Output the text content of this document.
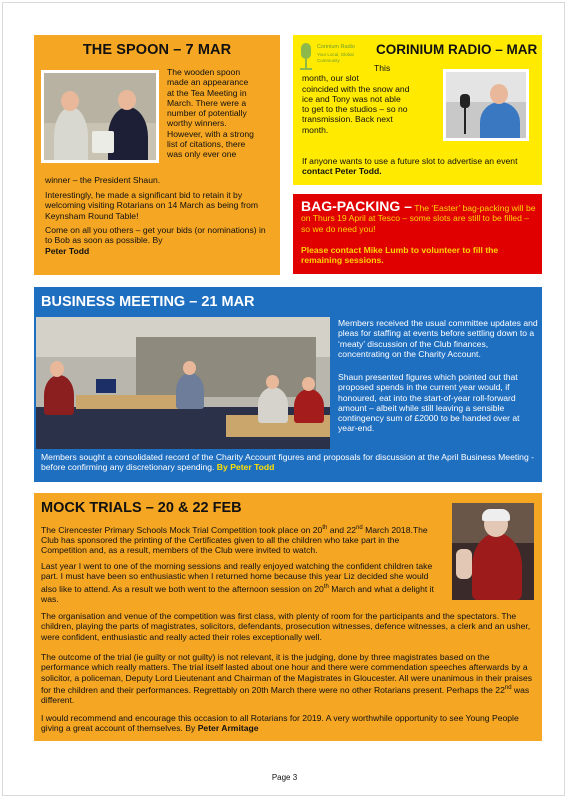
THE SPOON – 7 MAR
The wooden spoon
made an appearance
at the Tea Meeting in
March. There were a
number of potentially
worthy winners.
However, with a strong
list of citations, there
was only ever one
winner – the President Shaun.

Interestingly, he made a significant bid to retain it by welcoming visiting Rotarians on 14 March as being from Keynsham Round Table!

Come on all you others – get your bids (or nominations) in to Bob as soon as possible. By
Peter Todd

Corinium Radio
Your Local, Global Community
CORINIUM RADIO – MAR
This
month, our slot
coincided with the snow and
ice and Tony was not able
to get to the studios – so no
transmission. Back next
month.

If anyone wants to use a future slot to advertise an event contact Peter Todd.

BAG-PACKING – The ‘Easter’ bag-packing will be on Thurs 19 April at Tesco – some slots are still to be filled – so we do need you!

Please contact Mike Lumb to volunteer to fill the remaining sessions.

BUSINESS MEETING – 21 MAR

Members received the usual committee updates and pleas for staffing at events before settling down to a ‘meaty’ discussion of the Club finances, concentrating on the Charity Account.

Shaun presented figures which pointed out that proposed spends in the current year would, if honoured, eat into the start-of-year roll-forward amount – albeit while still leaving a sensible contingency sum of £2000 to be handed over at year-end.

Members sought a consolidated record of the Charity Account figures and proposals for discussion at the April Business Meeting - before confirming any discretionary spending. By Peter Todd

MOCK TRIALS – 20 & 22 FEB

The Cirencester Primary Schools Mock Trial Competition took place on 20th and 22nd March 2018.The Club has sponsored the printing of the Certificates given to all the children who take part in the Competition and, as a result, members of the Club were invited to watch.

Last year I went to one of the morning sessions and really enjoyed watching the confident children take part. I must have been so enthusiastic when I returned home because this year Liz decided she would also like to attend. As a result we both went to the afternoon session on 20th March and what a delight it was.

The organisation and venue of the competition was first class, with plenty of room for the participants and the spectators. The children, playing the parts of magistrates, solicitors, defendants, prosecution witnesses, defence witnesses, a clerk and an usher, were confident, enthusiastic and really acted their roles exceptionally well.

The outcome of the trial (ie guilty or not guilty) is not relevant, it is the judging, done by three magistrates based on the performance which really matters. The trial itself lasted about one hour and there were commendation speeches afterwards by a solicitor, a policeman, Deputy Lord Lieutenant and Chairman of the Magistrates in Gloucester. All were unanimous in their praises for the children and their performances. Regrettably on 20th March there were no other Rotarians present. Perhaps the 22nd was different.

I would recommend and encourage this occasion to all Rotarians for 2019. A very worthwhile opportunity to see Young People giving a great account of themselves. By Peter Armitage

Page 3
